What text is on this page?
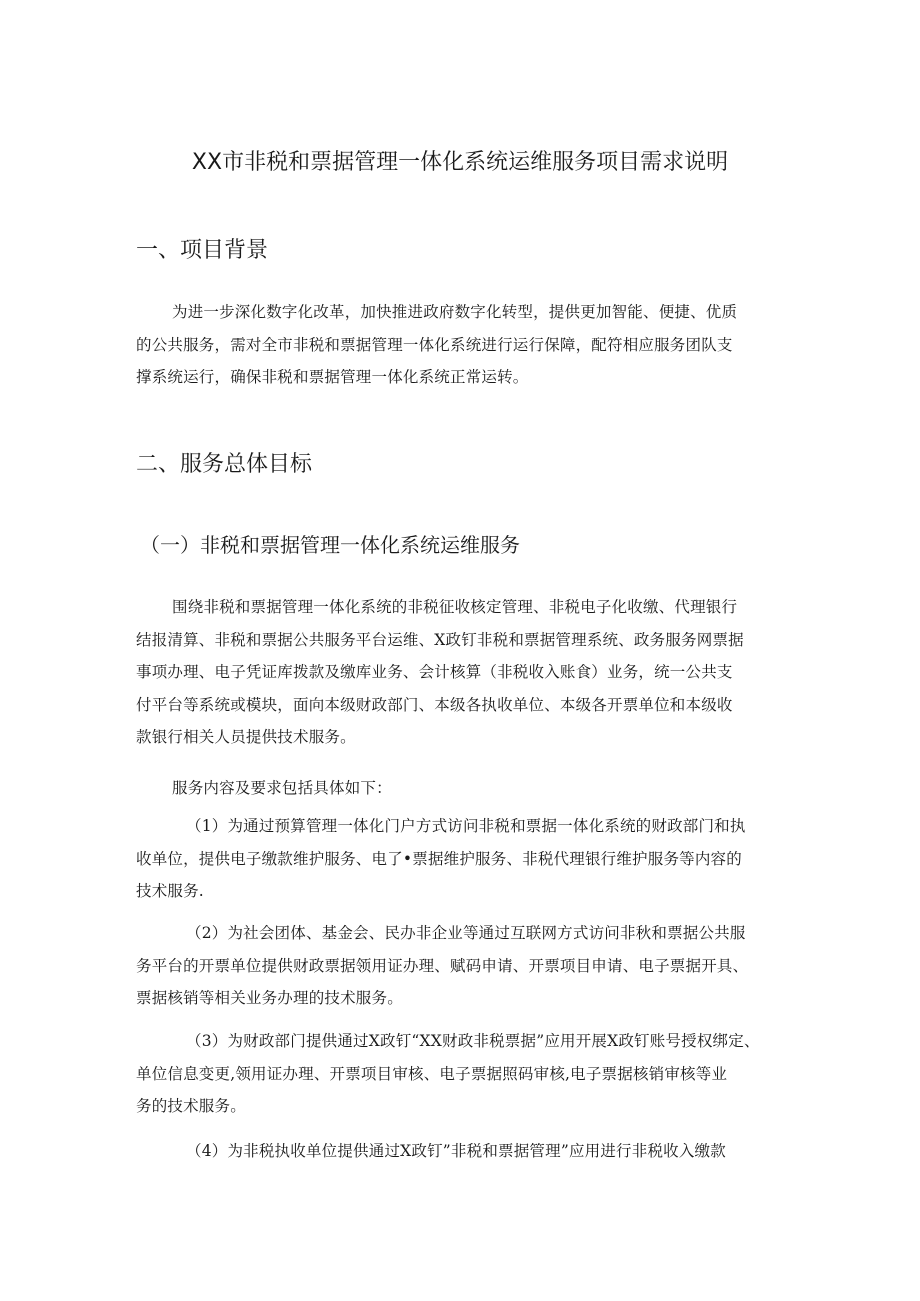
XX市非税和票据管理一体化系统运维服务项目需求说明
一、项目背景
为进一步深化数字化改革，加快推进政府数字化转型，提供更加智能、便捷、优质
的公共服务，需对全市非税和票据管理一体化系统进行运行保障，配符相应服务团队支
撑系统运行，确保非税和票据管理一体化系统正常运转。
二、服务总体目标
（一）非税和票据管理一体化系统运维服务
围绕非税和票据管理一体化系统的非税征收核定管理、非税电子化收缴、代理银行
结报清算、非税和票据公共服务平台运维、X政钉非税和票据管理系统、政务服务网票据
事项办理、电子凭证库拨款及缴库业务、会计核算（非税收入账食）业务，统一公共支
付平台等系统或模块，面向本级财政部门、本级各执收单位、本级各开票单位和本级收
款银行相关人员提供技术服务。
服务内容及要求包括具体如下：
（1）为通过预算管理一体化门户方式访问非税和票据一体化系统的财政部门和执
收单位，提供电子缴款维护服务、电了•票据维护服务、非税代理银行维护服务等内容的
技术服务.
（2）为社会团体、基金会、民办非企业等通过互联网方式访问非秋和票据公共服
务平台的开票单位提供财政票据领用证办理、赋码申请、开票项目申请、电子票据开具、
票据核销等相关业务办理的技术服务。
（3）为财政部门提供通过X政钉“XX财政非税票据”应用开展X政钉账号授权绑定、
单位信息变更,领用证办理、开票项目审核、电子票据照码审核,电子票据核销审核等业
务的技术服务。
（4）为非税执收单位提供通过X政钉”非税和票据管理”应用进行非税收入缴款
